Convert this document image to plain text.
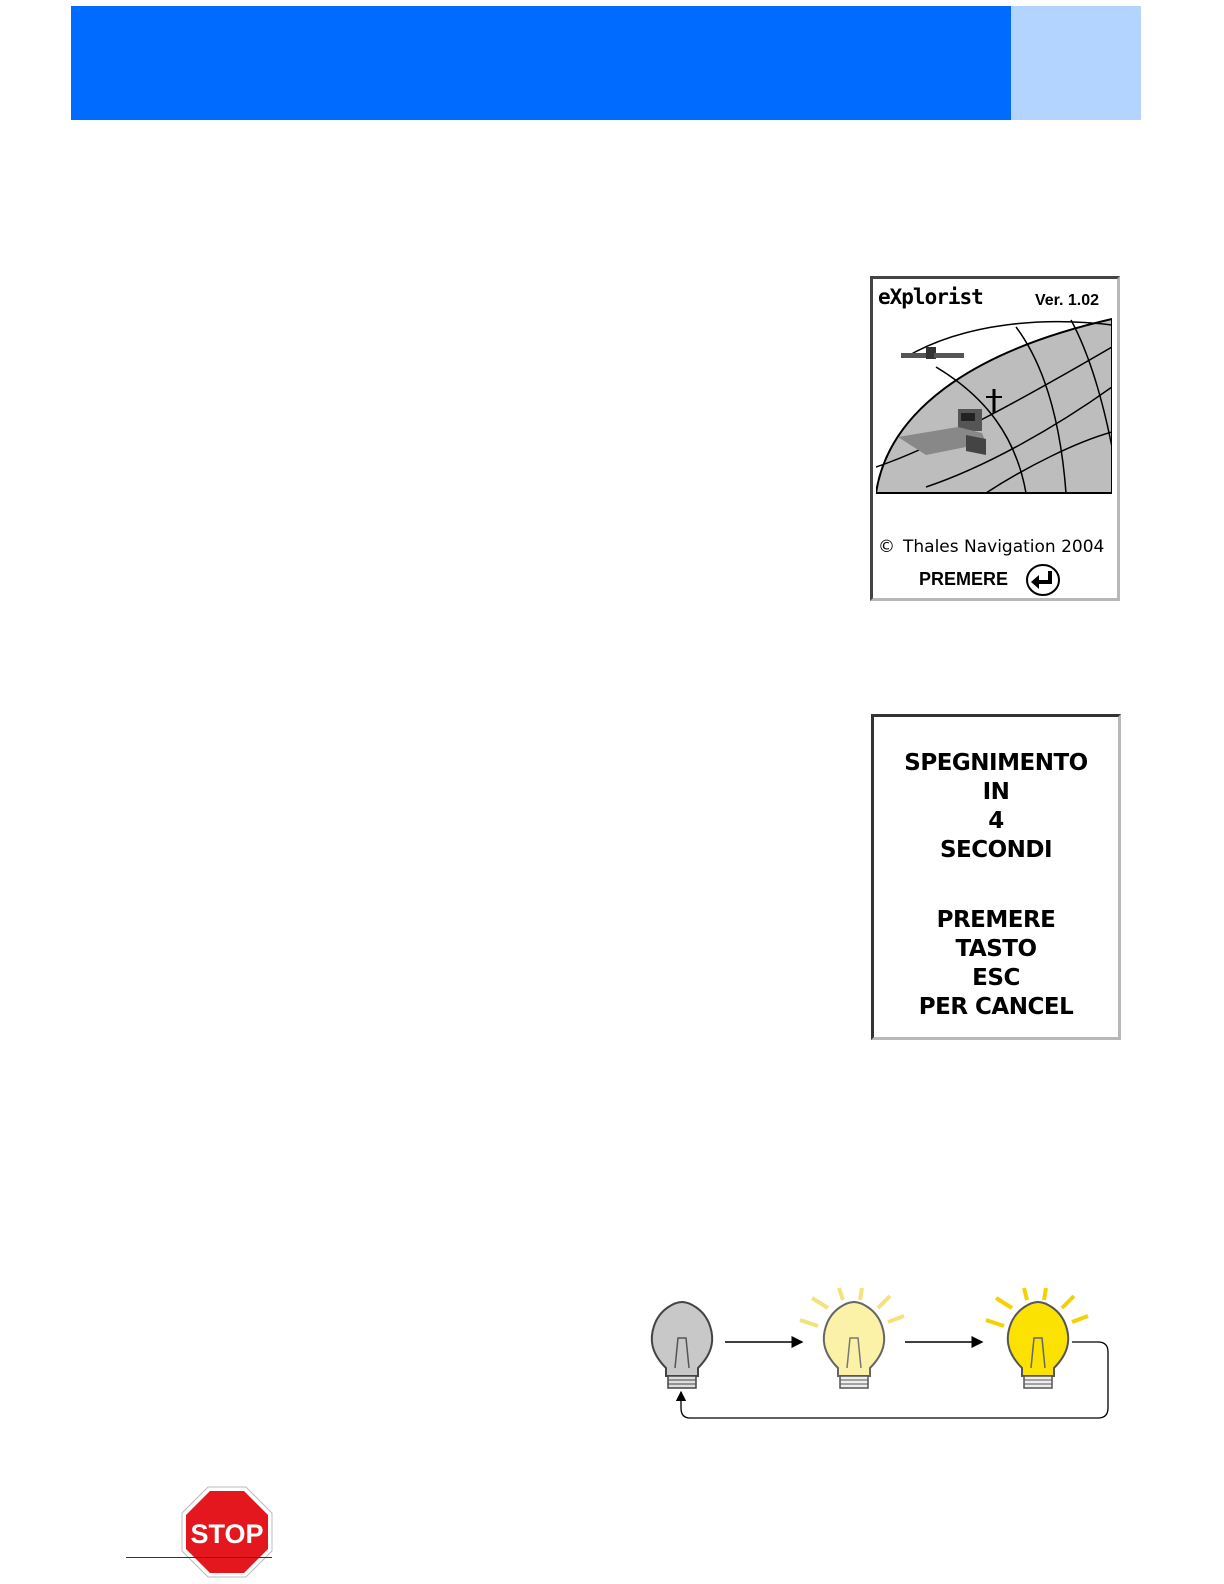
eXplorist	Ver. 1.02
© Thales Navigation 2004
PREMERE
SPEGNIMENTO
IN
4
SECONDI
PREMERE
TASTO
ESC
PER CANCEL
STOP
